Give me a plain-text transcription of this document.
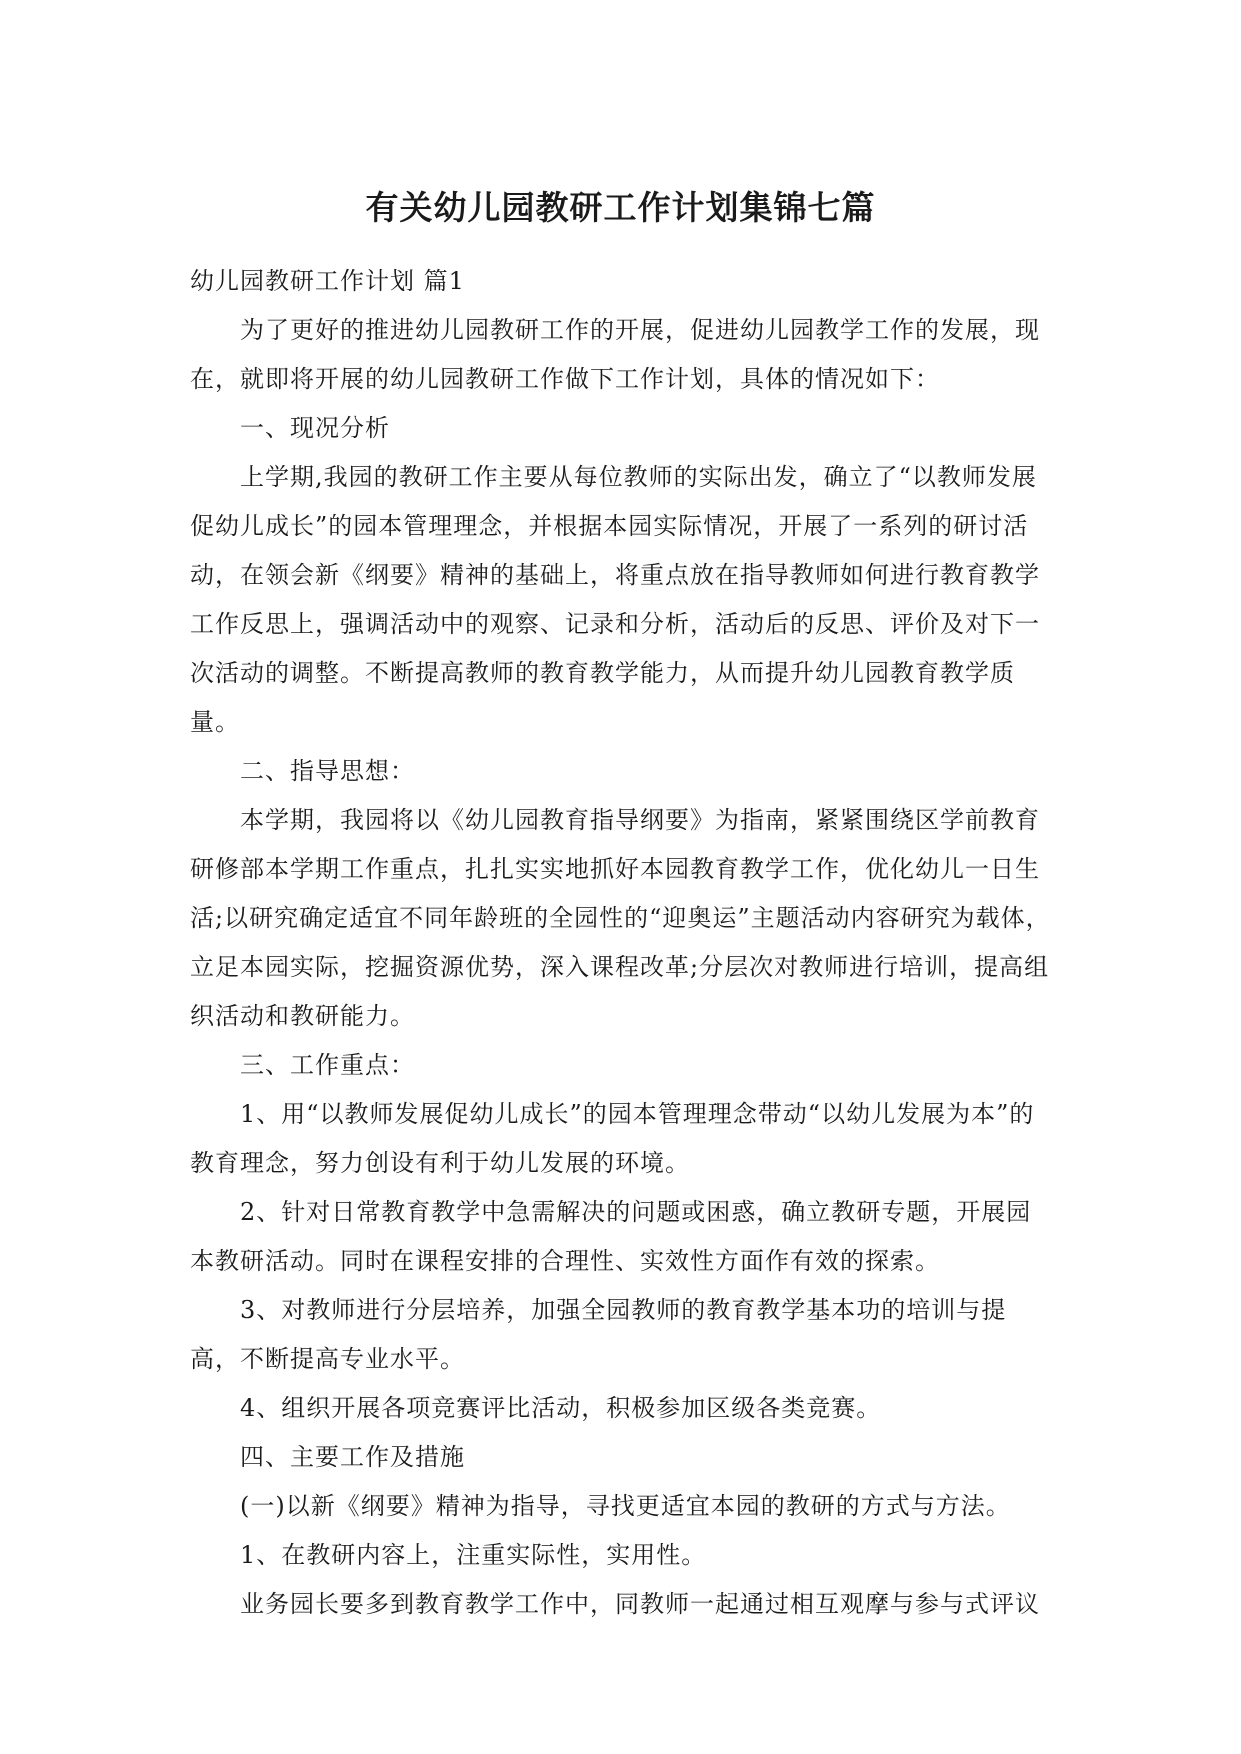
有关幼儿园教研工作计划集锦七篇

幼儿园教研工作计划 篇1

为了更好的推进幼儿园教研工作的开展，促进幼儿园教学工作的发展，现在，就即将开展的幼儿园教研工作做下工作计划，具体的情况如下：

一、现况分析

上学期,我园的教研工作主要从每位教师的实际出发，确立了“以教师发展促幼儿成长”的园本管理理念，并根据本园实际情况，开展了一系列的研讨活动，在领会新《纲要》精神的基础上，将重点放在指导教师如何进行教育教学工作反思上，强调活动中的观察、记录和分析，活动后的反思、评价及对下一次活动的调整。不断提高教师的教育教学能力，从而提升幼儿园教育教学质量。

二、指导思想：

本学期，我园将以《幼儿园教育指导纲要》为指南，紧紧围绕区学前教育研修部本学期工作重点，扎扎实实地抓好本园教育教学工作，优化幼儿一日生活;以研究确定适宜不同年龄班的全园性的“迎奥运”主题活动内容研究为载体，立足本园实际，挖掘资源优势，深入课程改革;分层次对教师进行培训，提高组织活动和教研能力。

三、工作重点：

1、用“以教师发展促幼儿成长”的园本管理理念带动“以幼儿发展为本”的教育理念，努力创设有利于幼儿发展的环境。

2、针对日常教育教学中急需解决的问题或困惑，确立教研专题，开展园本教研活动。同时在课程安排的合理性、实效性方面作有效的探索。

3、对教师进行分层培养，加强全园教师的教育教学基本功的培训与提高，不断提高专业水平。

4、组织开展各项竞赛评比活动，积极参加区级各类竞赛。

四、主要工作及措施

(一)以新《纲要》精神为指导，寻找更适宜本园的教研的方式与方法。

1、在教研内容上，注重实际性，实用性。

业务园长要多到教育教学工作中，同教师一起通过相互观摩与参与式评议
